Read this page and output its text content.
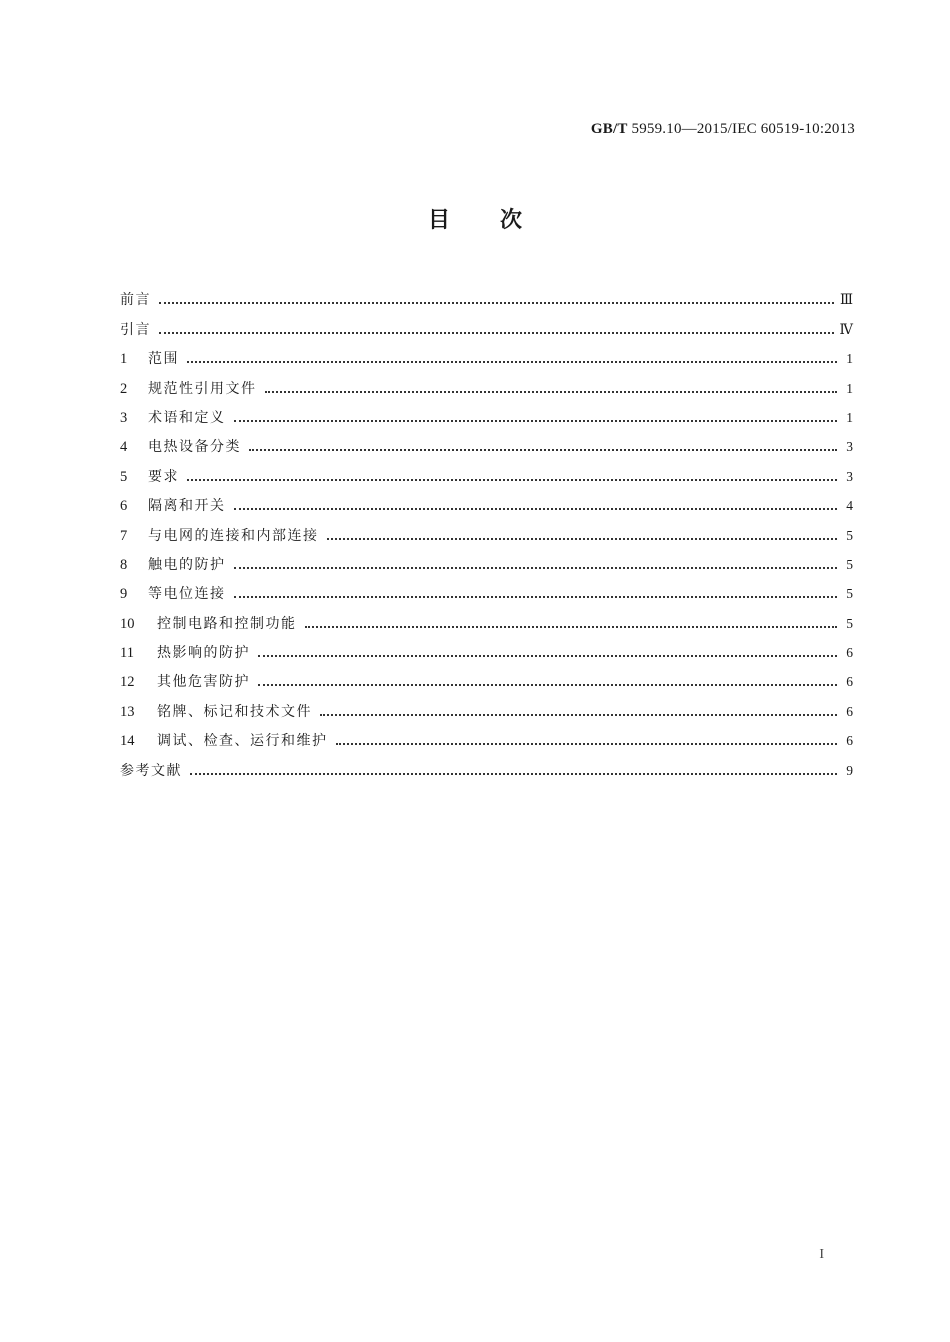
GB/T 5959.10—2015/IEC 60519-10:2013
目次
前言	Ⅲ
引言	Ⅳ
1	范围	1
2	规范性引用文件	1
3	术语和定义	1
4	电热设备分类	3
5	要求	3
6	隔离和开关	4
7	与电网的连接和内部连接	5
8	触电的防护	5
9	等电位连接	5
10	控制电路和控制功能	5
11	热影响的防护	6
12	其他危害防护	6
13	铭牌、标记和技术文件	6
14	调试、检查、运行和维护	6
参考文献	9
I
